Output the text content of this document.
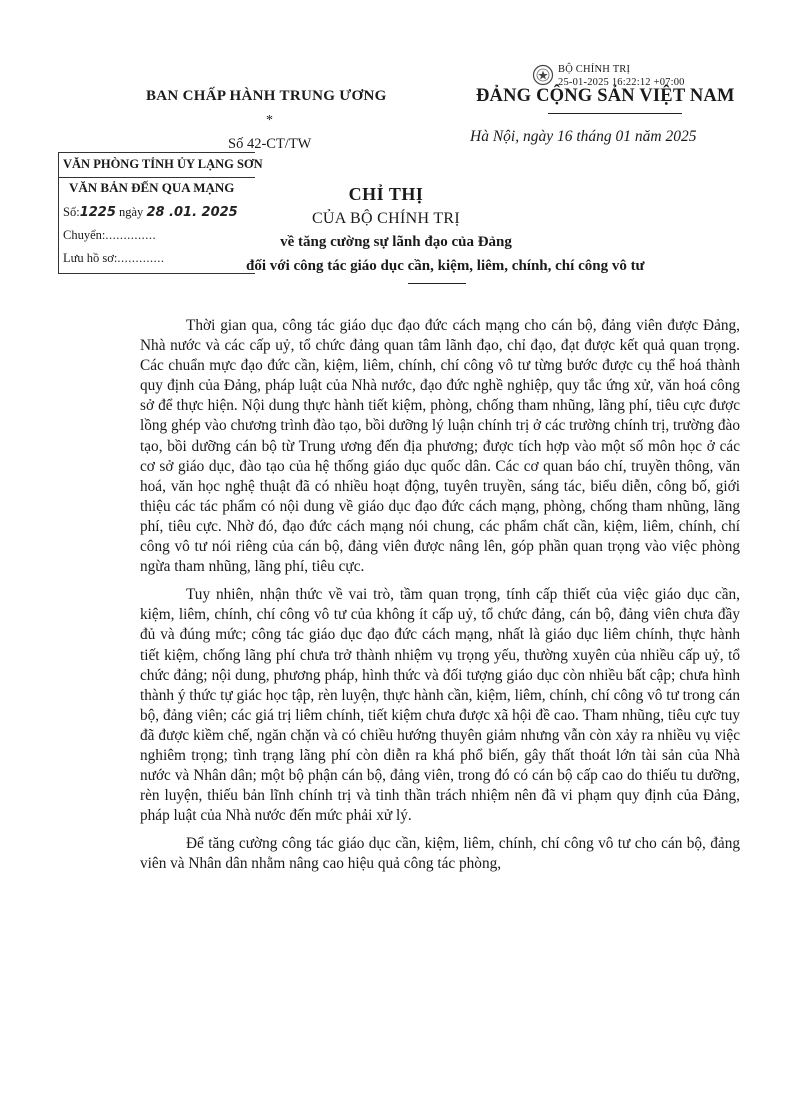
BỘ CHÍNH TRỊ
25-01-2025 16:22:12 +07:00
BAN CHẤP HÀNH TRUNG ƯƠNG
*
Số 42-CT/TW
ĐẢNG CỘNG SẢN VIỆT NAM
Hà Nội, ngày 16 tháng 01 năm 2025
VĂN PHÒNG TỈNH ỦY LẠNG SƠN
VĂN BẢN ĐẾN QUA MẠNG
Số:1225 ngày 28 .01. 2025
Chuyển:..............
Lưu hồ sơ:.............
CHỈ THỊ
CỦA BỘ CHÍNH TRỊ
về tăng cường sự lãnh đạo của Đảng
đối với công tác giáo dục cần, kiệm, liêm, chính, chí công vô tư

Thời gian qua, công tác giáo dục đạo đức cách mạng cho cán bộ, đảng viên được Đảng, Nhà nước và các cấp uỷ, tổ chức đảng quan tâm lãnh đạo, chỉ đạo, đạt được kết quả quan trọng. Các chuẩn mực đạo đức cần, kiệm, liêm, chính, chí công vô tư từng bước được cụ thể hoá thành quy định của Đảng, pháp luật của Nhà nước, đạo đức nghề nghiệp, quy tắc ứng xử, văn hoá công sở để thực hiện. Nội dung thực hành tiết kiệm, phòng, chống tham nhũng, lãng phí, tiêu cực được lồng ghép vào chương trình đào tạo, bồi dưỡng lý luận chính trị ở các trường chính trị, trường đào tạo, bồi dưỡng cán bộ từ Trung ương đến địa phương; được tích hợp vào một số môn học ở các cơ sở giáo dục, đào tạo của hệ thống giáo dục quốc dân. Các cơ quan báo chí, truyền thông, văn hoá, văn học nghệ thuật đã có nhiều hoạt động, tuyên truyền, sáng tác, biểu diễn, công bố, giới thiệu các tác phẩm có nội dung về giáo dục đạo đức cách mạng, phòng, chống tham nhũng, lãng phí, tiêu cực. Nhờ đó, đạo đức cách mạng nói chung, các phẩm chất cần, kiệm, liêm, chính, chí công vô tư nói riêng của cán bộ, đảng viên được nâng lên, góp phần quan trọng vào việc phòng ngừa tham nhũng, lãng phí, tiêu cực.

Tuy nhiên, nhận thức về vai trò, tầm quan trọng, tính cấp thiết của việc giáo dục cần, kiệm, liêm, chính, chí công vô tư của không ít cấp uỷ, tổ chức đảng, cán bộ, đảng viên chưa đầy đủ và đúng mức; công tác giáo dục đạo đức cách mạng, nhất là giáo dục liêm chính, thực hành tiết kiệm, chống lãng phí chưa trở thành nhiệm vụ trọng yếu, thường xuyên của nhiều cấp uỷ, tổ chức đảng; nội dung, phương pháp, hình thức và đối tượng giáo dục còn nhiều bất cập; chưa hình thành ý thức tự giác học tập, rèn luyện, thực hành cần, kiệm, liêm, chính, chí công vô tư trong cán bộ, đảng viên; các giá trị liêm chính, tiết kiệm chưa được xã hội đề cao. Tham nhũng, tiêu cực tuy đã được kiềm chế, ngăn chặn và có chiều hướng thuyên giảm nhưng vẫn còn xảy ra nhiều vụ việc nghiêm trọng; tình trạng lãng phí còn diễn ra khá phổ biến, gây thất thoát lớn tài sản của Nhà nước và Nhân dân; một bộ phận cán bộ, đảng viên, trong đó có cán bộ cấp cao do thiếu tu dưỡng, rèn luyện, thiếu bản lĩnh chính trị và tinh thần trách nhiệm nên đã vi phạm quy định của Đảng, pháp luật của Nhà nước đến mức phải xử lý.

Để tăng cường công tác giáo dục cần, kiệm, liêm, chính, chí công vô tư cho cán bộ, đảng viên và Nhân dân nhằm nâng cao hiệu quả công tác phòng,
